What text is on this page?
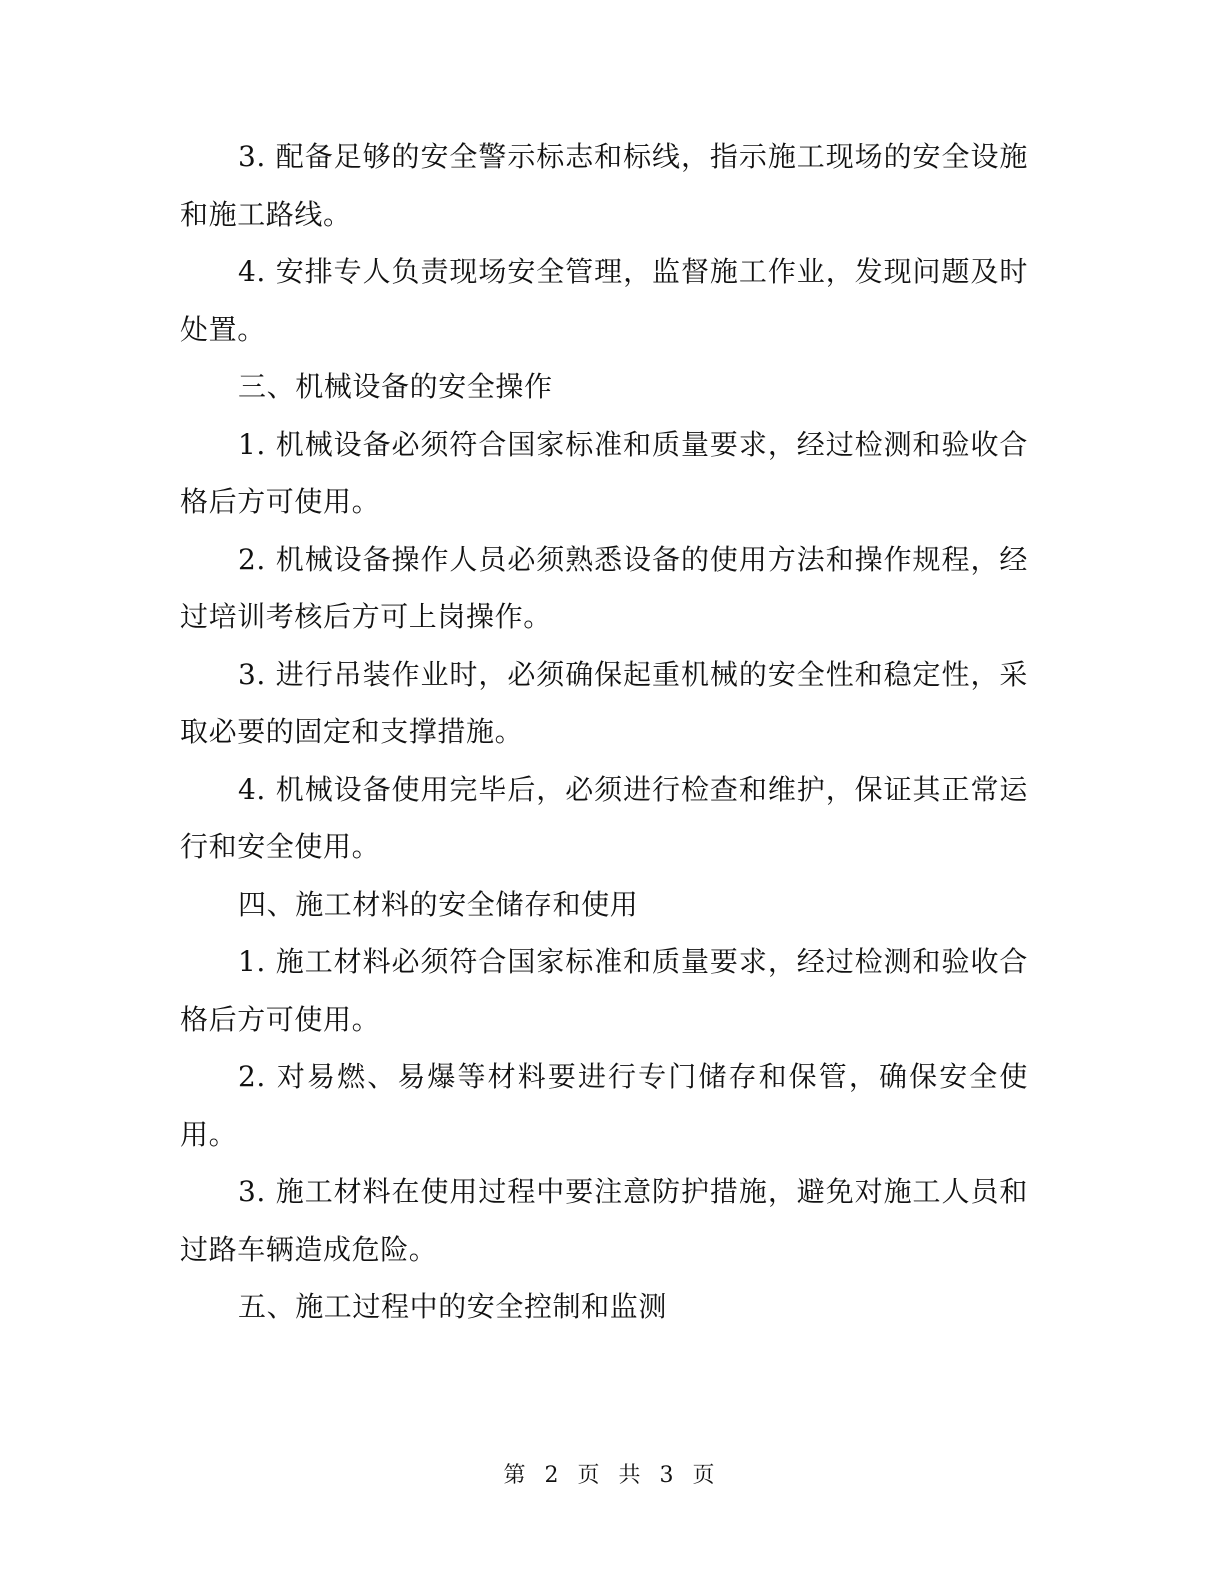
3. 配备足够的安全警示标志和标线，指示施工现场的安全设施和施工路线。

4. 安排专人负责现场安全管理，监督施工作业，发现问题及时处置。

三、机械设备的安全操作

1. 机械设备必须符合国家标准和质量要求，经过检测和验收合格后方可使用。

2. 机械设备操作人员必须熟悉设备的使用方法和操作规程，经过培训考核后方可上岗操作。

3. 进行吊装作业时，必须确保起重机械的安全性和稳定性，采取必要的固定和支撑措施。

4. 机械设备使用完毕后，必须进行检查和维护，保证其正常运行和安全使用。

四、施工材料的安全储存和使用

1. 施工材料必须符合国家标准和质量要求，经过检测和验收合格后方可使用。

2. 对易燃、易爆等材料要进行专门储存和保管，确保安全使用。

3. 施工材料在使用过程中要注意防护措施，避免对施工人员和过路车辆造成危险。

五、施工过程中的安全控制和监测

第 2 页 共 3 页
